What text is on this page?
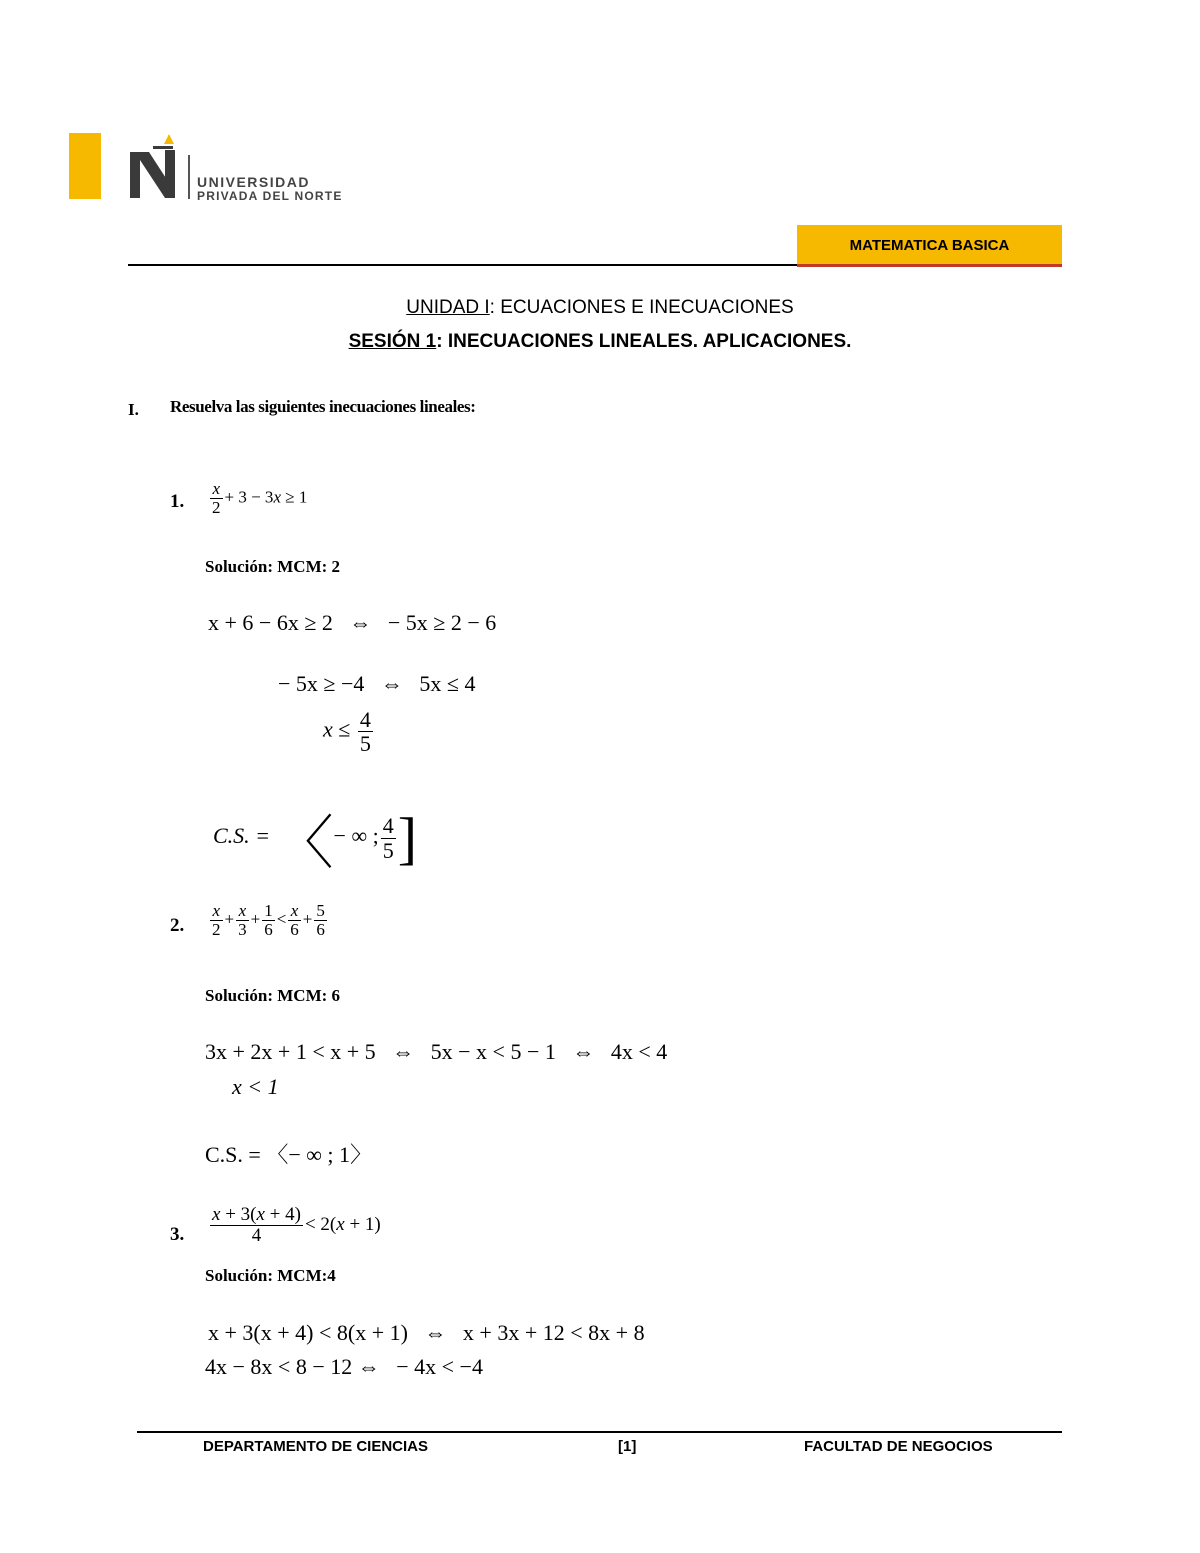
UNIVERSIDAD
PRIVADA DEL NORTE
MATEMATICA BASICA
UNIDAD I: ECUACIONES E INECUACIONES
SESIÓN 1: INECUACIONES LINEALES. APLICACIONES.
I. Resuelva las siguientes inecuaciones lineales:
1. $\frac{x}{2} + 3 - 3x \ge 1$
Solución: MCM: 2
x + 6 − 6x ≥ 2   ⇔   − 5x ≥ 2 − 6
− 5x ≥ −4   ⇔   5x ≤ 4
$x \le \frac{4}{5}$
C.S. = 〈− ∞ ; $\frac{4}{5}$ ]
2. $\frac{x}{2} + \frac{x}{3} + \frac{1}{6} < \frac{x}{6} + \frac{5}{6}$
Solución: MCM: 6
3x + 2x + 1 < x + 5   ⇔   5x − x < 5 − 1   ⇔   4x < 4
x < 1
C.S. = 〈− ∞ ; 1〉
3. $\frac{x + 3(x + 4)}{4} < 2(x + 1)$
Solución: MCM:4
x + 3(x + 4) < 8(x + 1)   ⇔   x + 3x + 12 < 8x + 8
4x − 8x < 8 − 12 ⇔   − 4x < −4
DEPARTAMENTO DE CIENCIAS	[1]	FACULTAD DE NEGOCIOS
